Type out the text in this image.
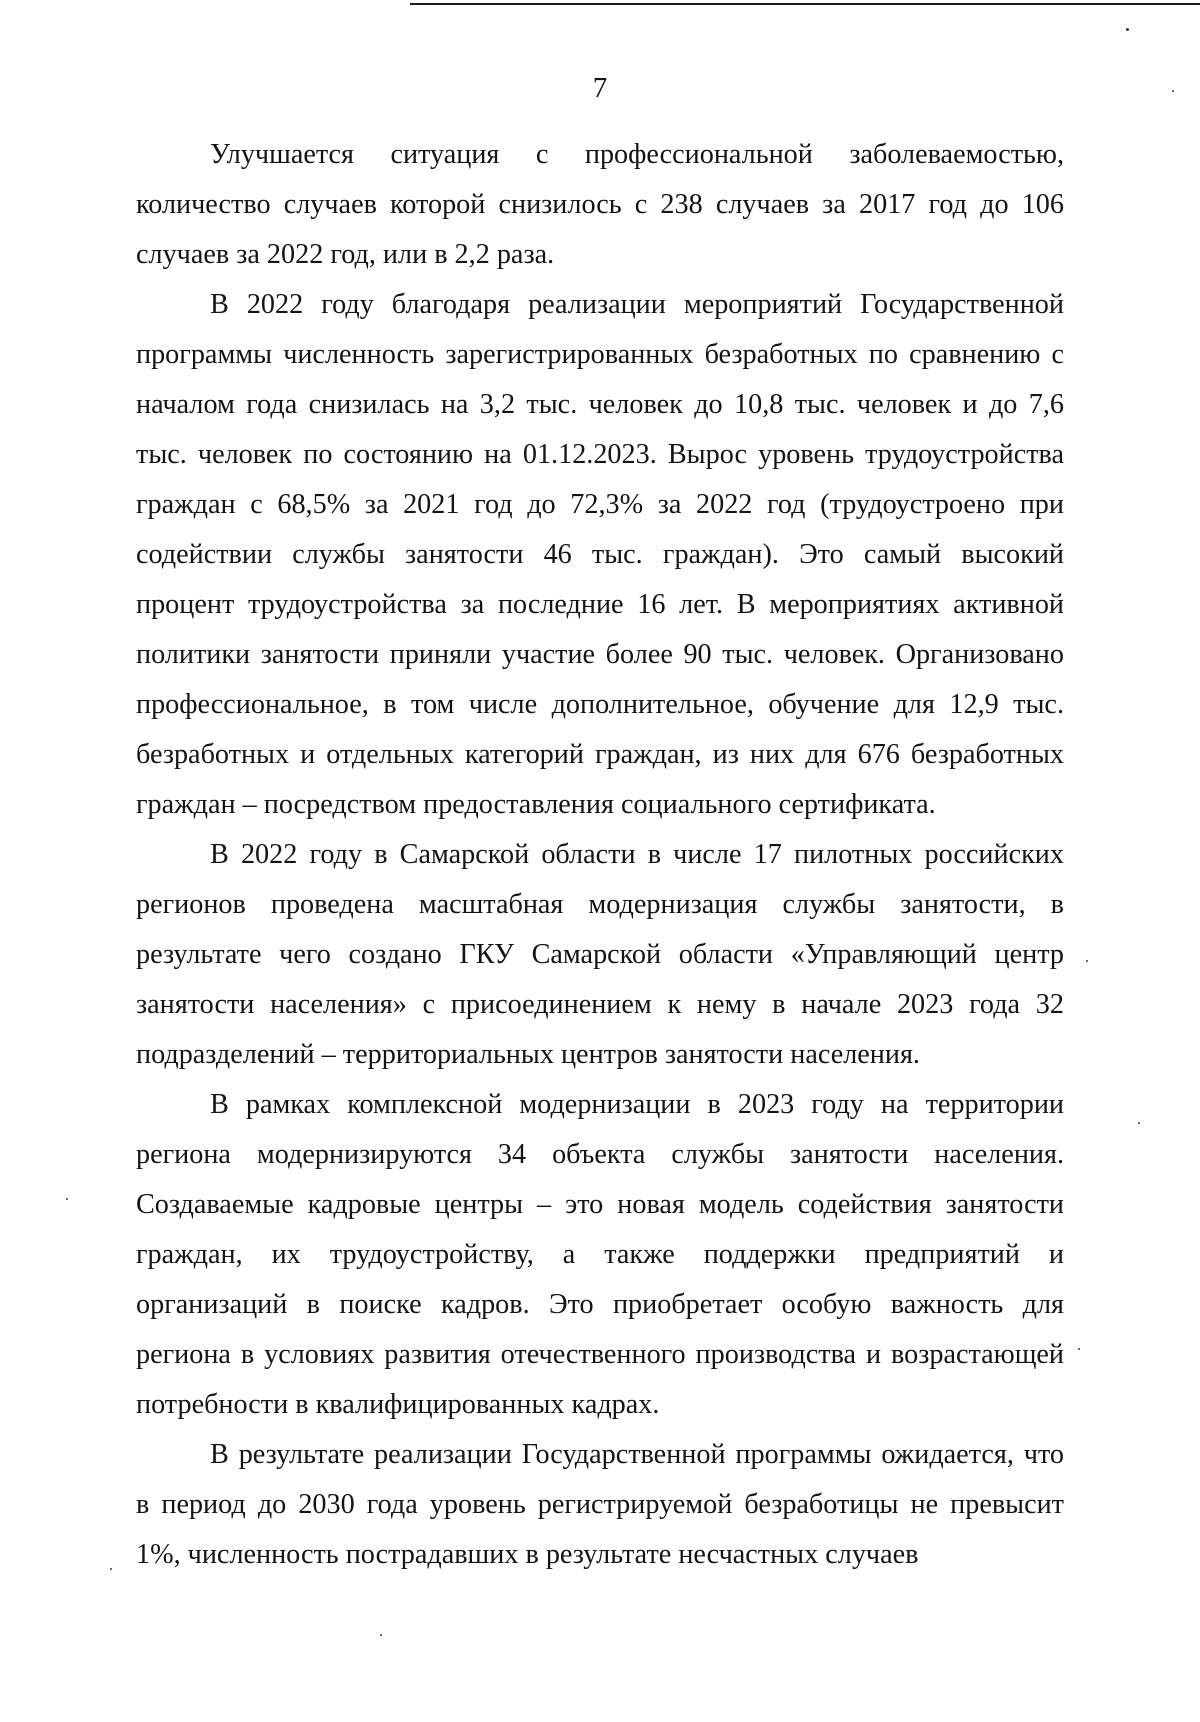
7

Улучшается ситуация с профессиональной заболеваемостью, количество случаев которой снизилось с 238 случаев за 2017 год до 106 случаев за 2022 год, или в 2,2 раза.

В 2022 году благодаря реализации мероприятий Государственной программы численность зарегистрированных безработных по сравнению с началом года снизилась на 3,2 тыс. человек до 10,8 тыс. человек и до 7,6 тыс. человек по состоянию на 01.12.2023. Вырос уровень трудоустройства граждан с 68,5% за 2021 год до 72,3% за 2022 год (трудоустроено при содействии службы занятости 46 тыс. граждан). Это самый высокий процент трудоустройства за последние 16 лет. В мероприятиях активной политики занятости приняли участие более 90 тыс. человек. Организовано профессиональное, в том числе дополнительное, обучение для 12,9 тыс. безработных и отдельных категорий граждан, из них для 676 безработных граждан – посредством предоставления социального сертификата.

В 2022 году в Самарской области в числе 17 пилотных российских регионов проведена масштабная модернизация службы занятости, в результате чего создано ГКУ Самарской области «Управляющий центр занятости населения» с присоединением к нему в начале 2023 года 32 подразделений – территориальных центров занятости населения.

В рамках комплексной модернизации в 2023 году на территории региона модернизируются 34 объекта службы занятости населения. Создаваемые кадровые центры – это новая модель содействия занятости граждан, их трудоустройству, а также поддержки предприятий и организаций в поиске кадров. Это приобретает особую важность для региона в условиях развития отечественного производства и возрастающей потребности в квалифицированных кадрах.

В результате реализации Государственной программы ожидается, что в период до 2030 года уровень регистрируемой безработицы не превысит 1%, численность пострадавших в результате несчастных случаев
